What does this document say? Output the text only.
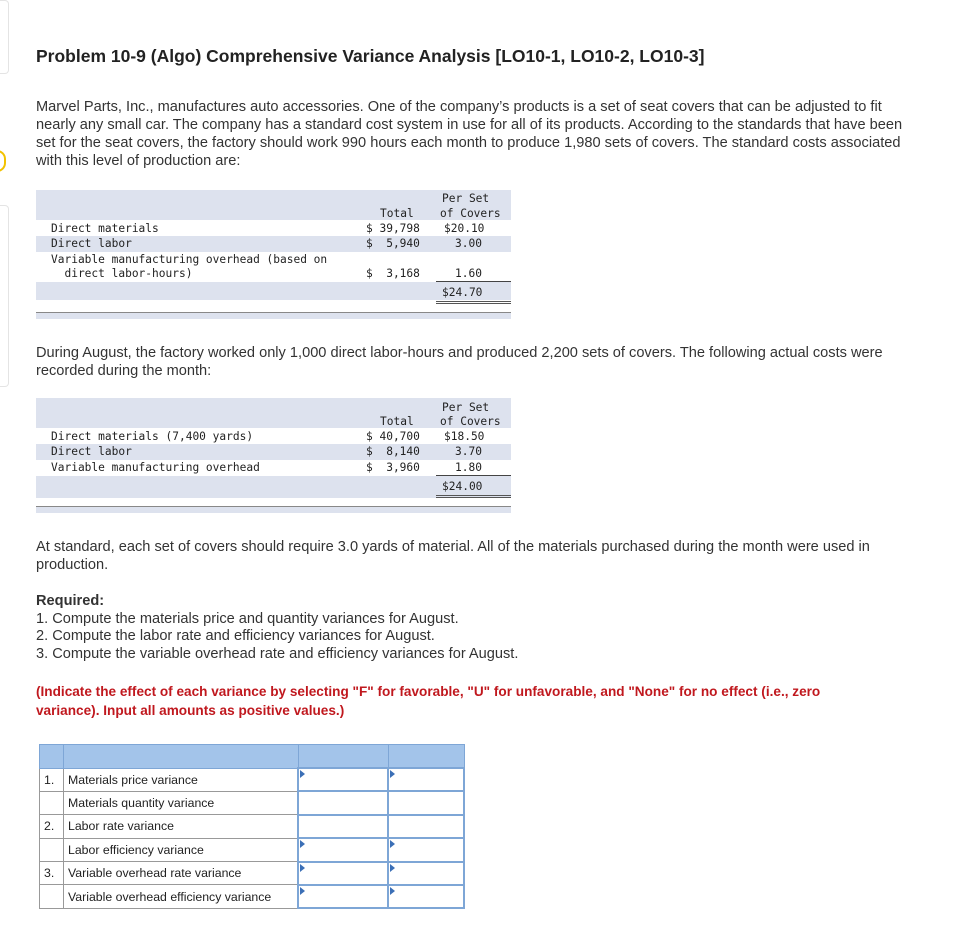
Problem 10-9 (Algo) Comprehensive Variance Analysis [LO10-1, LO10-2, LO10-3]
Marvel Parts, Inc., manufactures auto accessories. One of the company’s products is a set of seat covers that can be adjusted to fit
nearly any small car. The company has a standard cost system in use for all of its products. According to the standards that have been
set for the seat covers, the factory should work 990 hours each month to produce 1,980 sets of covers. The standard costs associated
with this level of production are:
Per Set
Total of Covers
Direct materials	$ 39,798 $20.10
Direct labor	$  5,940	3.00
Variable manufacturing overhead (based on
direct labor-hours)	$  3,168	1.60
$24.70
During August, the factory worked only 1,000 direct labor-hours and produced 2,200 sets of covers. The following actual costs were
recorded during the month:
Per Set
Total of Covers
Direct materials (7,400 yards)	$ 40,700 $18.50
Direct labor	$  8,140	3.70
Variable manufacturing overhead	$  3,960	1.80
$24.00
At standard, each set of covers should require 3.0 yards of material. All of the materials purchased during the month were used in
production.
Required:
1. Compute the materials price and quantity variances for August.
2. Compute the labor rate and efficiency variances for August.
3. Compute the variable overhead rate and efficiency variances for August.
(Indicate the effect of each variance by selecting "F" for favorable, "U" for unfavorable, and "None" for no effect (i.e., zero
variance). Input all amounts as positive values.)

1.	Materials price variance	

	Materials quantity variance		
2.	Labor rate variance		
	Labor efficiency variance	

3.	Variable overhead rate variance	

	Variable overhead efficiency variance	
